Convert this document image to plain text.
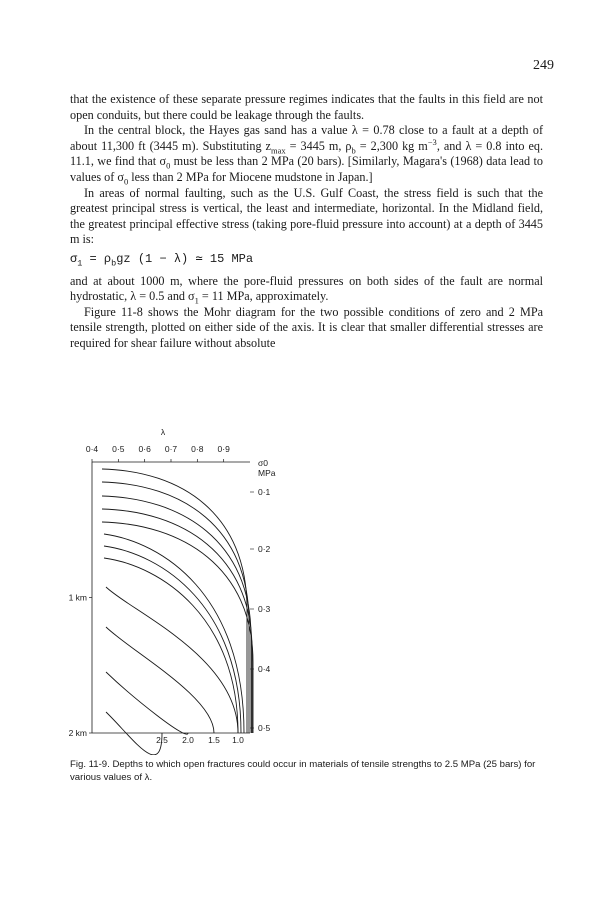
249

that the existence of these separate pressure regimes indicates that the faults in this field are not open conduits, but there could be leakage through the faults.

In the central block, the Hayes gas sand has a value λ = 0.78 close to a fault at a depth of about 11,300 ft (3445 m). Substituting $z_{max} = 3445$ m, $\rho_b = 2,300$ kg $m^{-3}$, and λ = 0.8 into eq. 11.1, we find that $\sigma_0$ must be less than 2 MPa (20 bars). [Similarly, Magara's (1968) data lead to values of $\sigma_0$ less than 2 MPa for Miocene mudstone in Japan.]

In areas of normal faulting, such as the U.S. Gulf Coast, the stress field is such that the greatest principal stress is vertical, the least and intermediate, horizontal. In the Midland field, the greatest principal effective stress (taking pore-fluid pressure into account) at a depth of 3445 m is:

$\sigma_1 = \rho_bgz$ (1 − λ) ≃ 15 MPa

and at about 1000 m, where the pore-fluid pressures on both sides of the fault are normal hydrostatic, λ = 0.5 and $\sigma_1 = 11$ MPa, approximately.

Figure 11-8 shows the Mohr diagram for the two possible conditions of zero and 2 MPa tensile strength, plotted on either side of the axis. It is clear that smaller differential stresses are required for shear failure without absolute

λ
0·4 0·5 0·6 0·7 0·8 0·9
σ0
MPa
1 km
2 km
0·1
0·2
0·3
0·4
0·5
2.5 2.0 1.5 1.0
Fig. 11-9. Depths to which open fractures could occur in materials of tensile strengths to 2.5 MPa (25 bars) for various values of λ.
